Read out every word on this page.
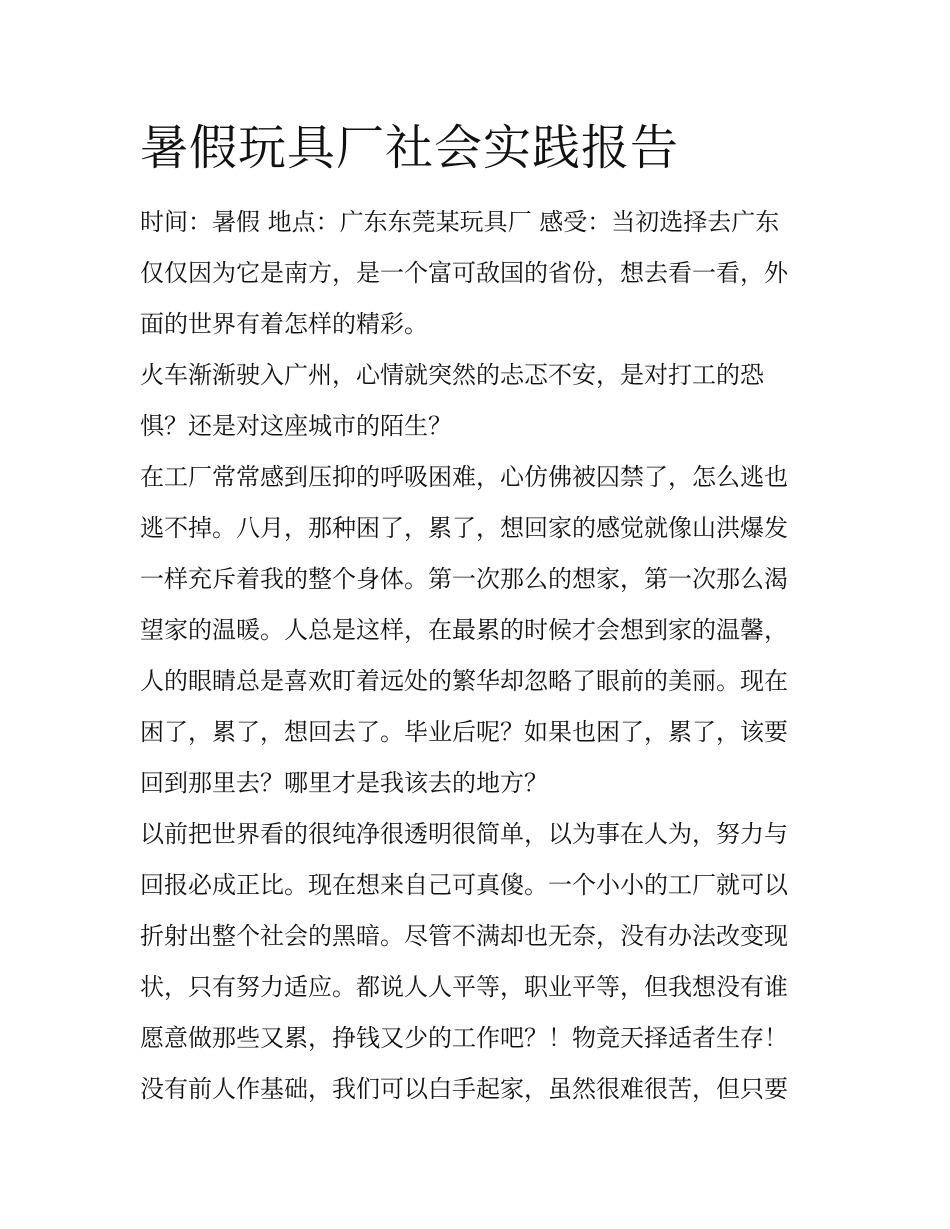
暑假玩具厂社会实践报告
时间：暑假 地点：广东东莞某玩具厂 感受：当初选择去广东
仅仅因为它是南方，是一个富可敌国的省份，想去看一看，外
面的世界有着怎样的精彩。
火车渐渐驶入广州，心情就突然的忐忑不安，是对打工的恐
惧？还是对这座城市的陌生？
在工厂常常感到压抑的呼吸困难，心仿佛被囚禁了，怎么逃也
逃不掉。八月，那种困了，累了，想回家的感觉就像山洪爆发
一样充斥着我的整个身体。第一次那么的想家，第一次那么渴
望家的温暖。人总是这样，在最累的时候才会想到家的温馨，
人的眼睛总是喜欢盯着远处的繁华却忽略了眼前的美丽。现在
困了，累了，想回去了。毕业后呢？如果也困了，累了，该要
回到那里去？哪里才是我该去的地方？
以前把世界看的很纯净很透明很简单，以为事在人为，努力与
回报必成正比。现在想来自己可真傻。一个小小的工厂就可以
折射出整个社会的黑暗。尽管不满却也无奈，没有办法改变现
状，只有努力适应。都说人人平等，职业平等，但我想没有谁
愿意做那些又累，挣钱又少的工作吧？！物竞天择适者生存！
没有前人作基础，我们可以白手起家，虽然很难很苦，但只要
